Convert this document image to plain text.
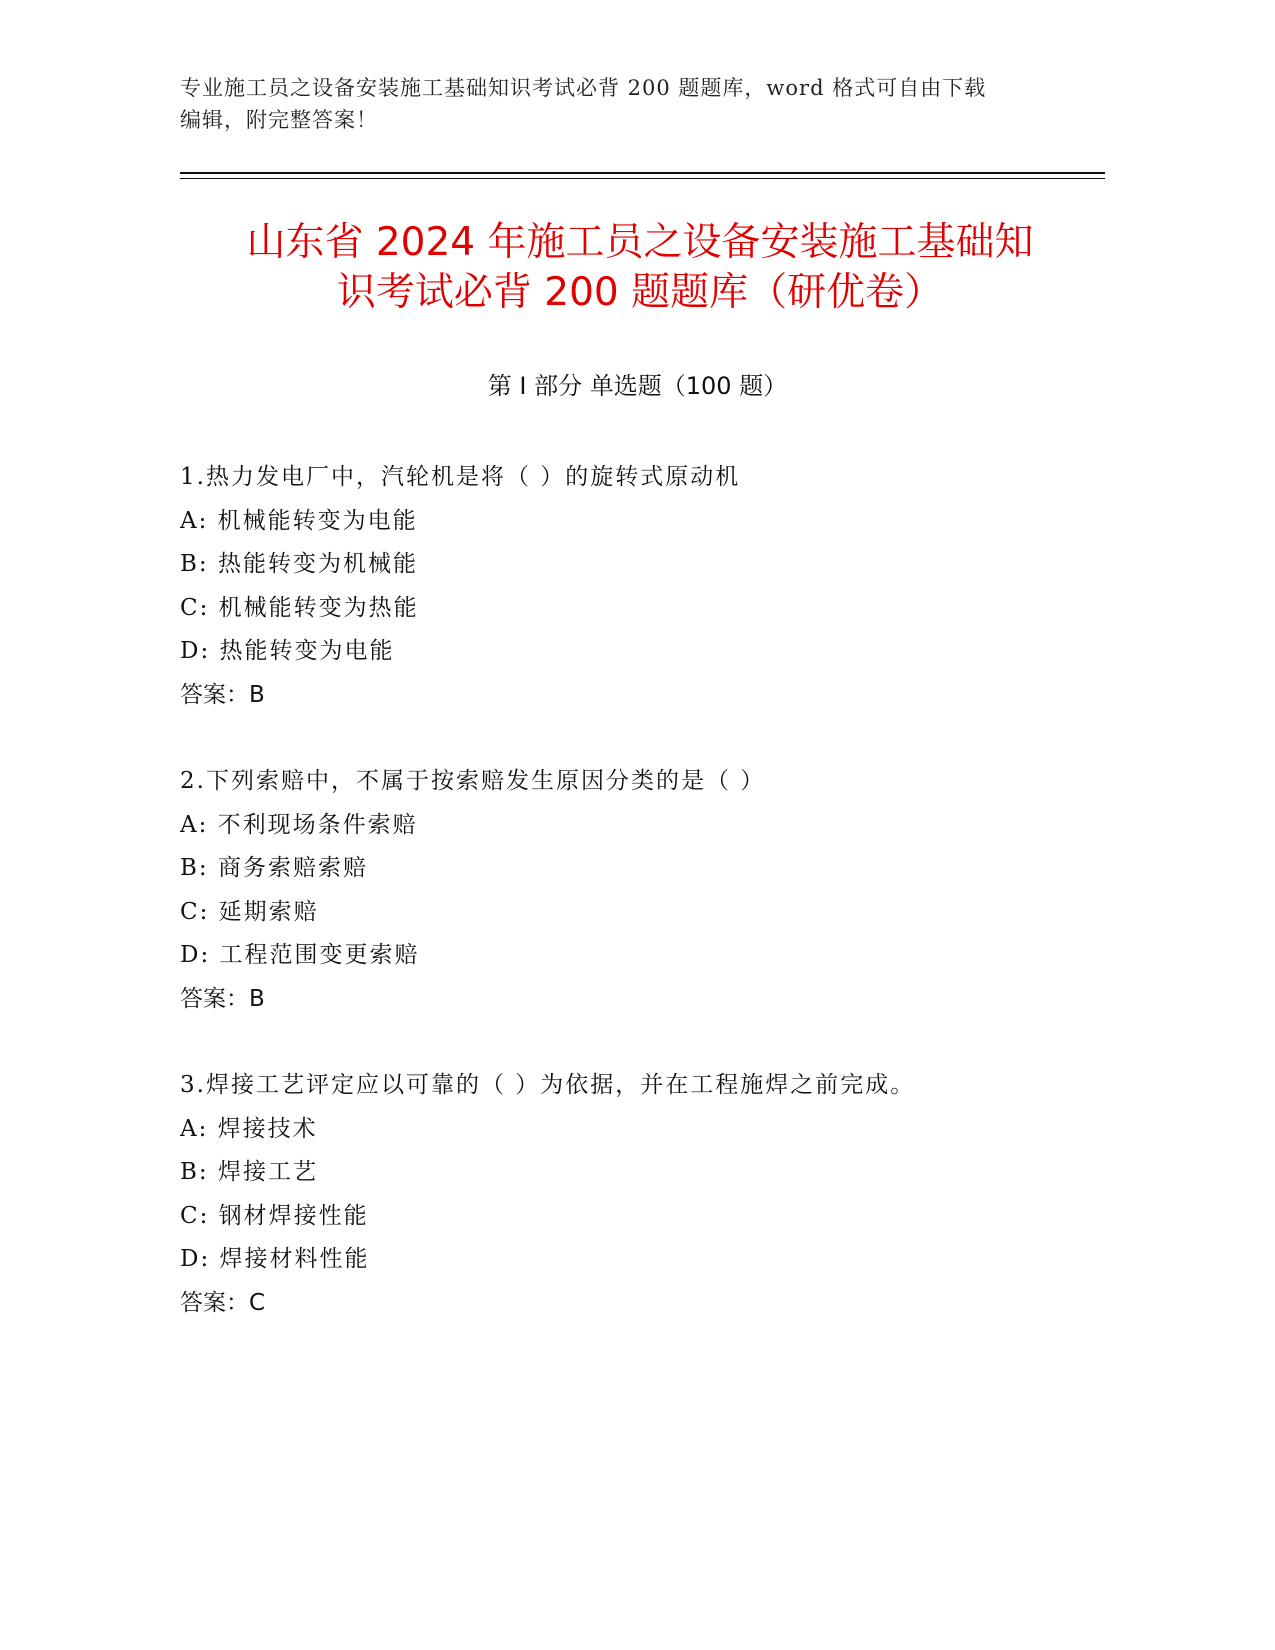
专业施工员之设备安装施工基础知识考试必背 200 题题库，word 格式可自由下载
编辑，附完整答案！
山东省 2024 年施工员之设备安装施工基础知
识考试必背 200 题题库（研优卷）
第 I 部分 单选题（100 题）
1.热力发电厂中，汽轮机是将（ ）的旋转式原动机
A: 机械能转变为电能
B: 热能转变为机械能
C: 机械能转变为热能
D: 热能转变为电能
答案：B
2.下列索赔中，不属于按索赔发生原因分类的是（ ）
A: 不利现场条件索赔
B: 商务索赔索赔
C: 延期索赔
D: 工程范围变更索赔
答案：B
3.焊接工艺评定应以可靠的（ ）为依据，并在工程施焊之前完成。
A: 焊接技术
B: 焊接工艺
C: 钢材焊接性能
D: 焊接材料性能
答案：C
